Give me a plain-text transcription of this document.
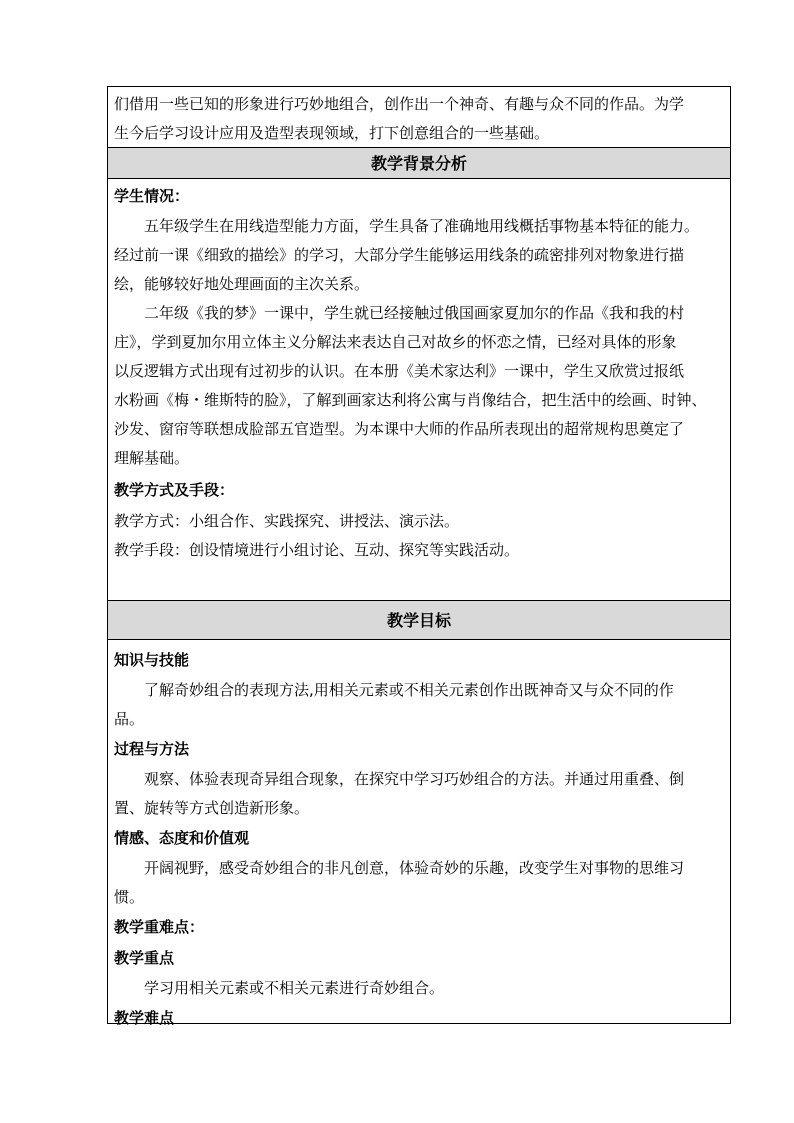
们借用一些已知的形象进行巧妙地组合，创作出一个神奇、有趣与众不同的作品。为学
生今后学习设计应用及造型表现领域，打下创意组合的一些基础。
教学背景分析
学生情况：
五年级学生在用线造型能力方面，学生具备了准确地用线概括事物基本特征的能力。
经过前一课《细致的描绘》的学习，大部分学生能够运用线条的疏密排列对物象进行描
绘，能够较好地处理画面的主次关系。
二年级《我的梦》一课中，学生就已经接触过俄国画家夏加尔的作品《我和我的村
庄》，学到夏加尔用立体主义分解法来表达自己对故乡的怀恋之情，已经对具体的形象
以反逻辑方式出现有过初步的认识。在本册《美术家达利》一课中，学生又欣赏过报纸
水粉画《梅・维斯特的脸》，了解到画家达利将公寓与肖像结合，把生活中的绘画、时钟、
沙发、窗帘等联想成脸部五官造型。为本课中大师的作品所表现出的超常规构思奠定了
理解基础。
教学方式及手段：
教学方式：小组合作、实践探究、讲授法、演示法。
教学手段：创设情境进行小组讨论、互动、探究等实践活动。
教学目标
知识与技能
了解奇妙组合的表现方法,用相关元素或不相关元素创作出既神奇又与众不同的作
品。
过程与方法
观察、体验表现奇异组合现象，在探究中学习巧妙组合的方法。并通过用重叠、倒
置、旋转等方式创造新形象。
情感、态度和价值观
开阔视野，感受奇妙组合的非凡创意，体验奇妙的乐趣，改变学生对事物的思维习
惯。
教学重难点：
教学重点
学习用相关元素或不相关元素进行奇妙组合。
教学难点
